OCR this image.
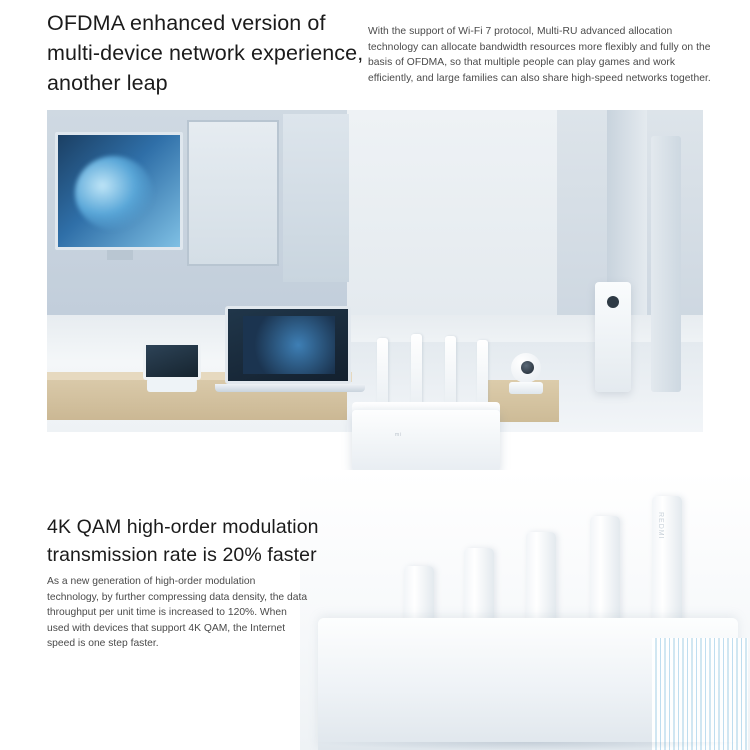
OFDMA enhanced version of multi-device network experience, another leap
With the support of Wi-Fi 7 protocol, Multi-RU advanced allocation technology can allocate bandwidth resources more flexibly and fully on the basis of OFDMA, so that multiple people can play games and work efficiently, and large families can also share high-speed networks together.
mi
REDMI
4K QAM high-order modulation transmission rate is 20% faster
As a new generation of high-order modulation technology, by further compressing data density, the data throughput per unit time is increased to 120%. When used with devices that support 4K QAM, the Internet speed is one step faster.
